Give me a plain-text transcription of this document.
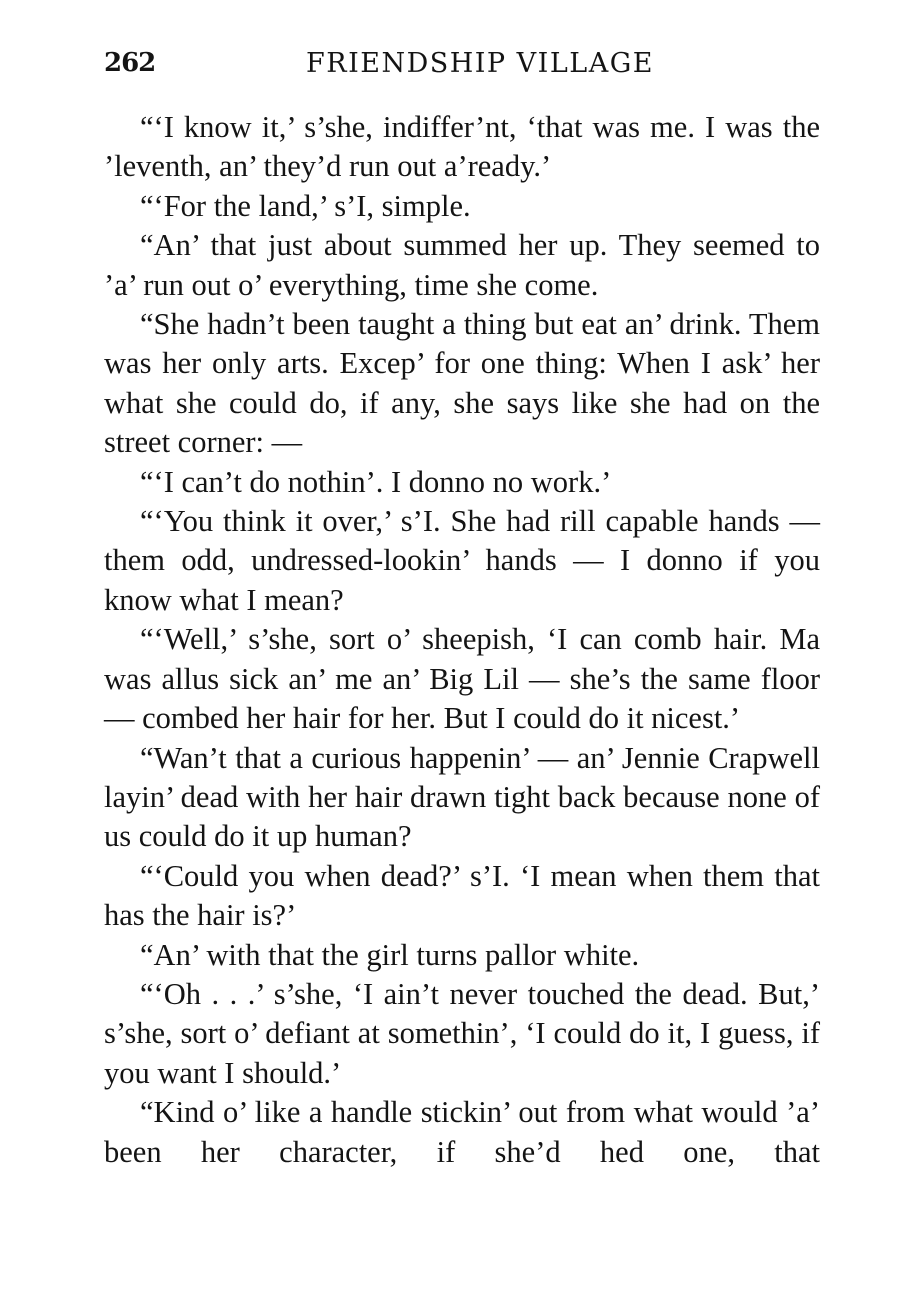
262	FRIENDSHIP VILLAGE

“‘I know it,’ s’she, indiffer’nt, ‘that was me. I was the ’leventh, an’ they’d run out a’ready.’

“‘For the land,’ s’I, simple.

“An’ that just about summed her up. They seemed to ’a’ run out o’ everything, time she come.

“She hadn’t been taught a thing but eat an’ drink. Them was her only arts. Excep’ for one thing: When I ask’ her what she could do, if any, she says like she had on the street corner: —

“‘I can’t do nothin’. I donno no work.’

“‘You think it over,’ s’I. She had rill capable hands — them odd, undressed-lookin’ hands — I donno if you know what I mean?

“‘Well,’ s’she, sort o’ sheepish, ‘I can comb hair. Ma was allus sick an’ me an’ Big Lil — she’s the same floor — combed her hair for her. But I could do it nicest.’

“Wan’t that a curious happenin’ — an’ Jennie Crapwell layin’ dead with her hair drawn tight back because none of us could do it up human?

“‘Could you when dead?’ s’I. ‘I mean when them that has the hair is?’

“An’ with that the girl turns pallor white.

“‘Oh . . .’ s’she, ‘I ain’t never touched the dead. But,’ s’she, sort o’ defiant at somethin’, ‘I could do it, I guess, if you want I should.’

“Kind o’ like a handle stickin’ out from what would ’a’ been her character, if she’d hed one, that
